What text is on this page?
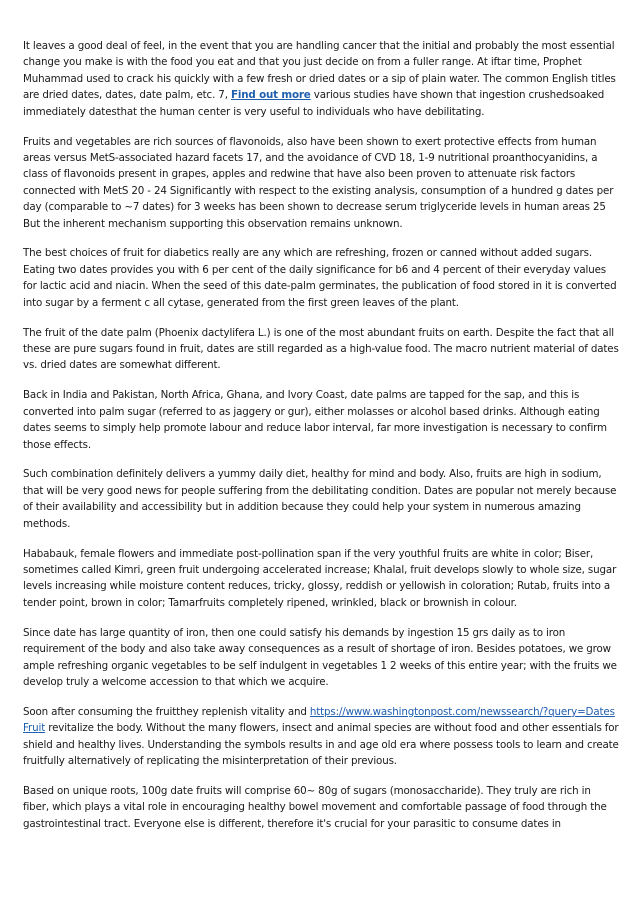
It leaves a good deal of feel, in the event that you are handling cancer that the initial and probably the most essential change you make is with the food you eat and that you just decide on from a fuller range. At iftar time, Prophet Muhammad used to crack his quickly with a few fresh or dried dates or a sip of plain water. The common English titles are dried dates, dates, date palm, etc. 7, Find out more various studies have shown that ingestion crushedsoaked immediately datesthat the human center is very useful to individuals who have debilitating.

Fruits and vegetables are rich sources of flavonoids, also have been shown to exert protective effects from human areas versus MetS-associated hazard facets 17, and the avoidance of CVD 18, 1-9 nutritional proanthocyanidins, a class of flavonoids present in grapes, apples and redwine that have also been proven to attenuate risk factors connected with MetS 20 - 24 Significantly with respect to the existing analysis, consumption of a hundred g dates per day (comparable to ~7 dates) for 3 weeks has been shown to decrease serum triglyceride levels in human areas 25 But the inherent mechanism supporting this observation remains unknown.

The best choices of fruit for diabetics really are any which are refreshing, frozen or canned without added sugars. Eating two dates provides you with 6 per cent of the daily significance for b6 and 4 percent of their everyday values for lactic acid and niacin. When the seed of this date-palm germinates, the publication of food stored in it is converted into sugar by a ferment c all cytase, generated from the first green leaves of the plant.

The fruit of the date palm (Phoenix dactylifera L.) is one of the most abundant fruits on earth. Despite the fact that all these are pure sugars found in fruit, dates are still regarded as a high-value food. The macro nutrient material of dates vs. dried dates are somewhat different.

Back in India and Pakistan, North Africa, Ghana, and Ivory Coast, date palms are tapped for the sap, and this is converted into palm sugar (referred to as jaggery or gur), either molasses or alcohol based drinks. Although eating dates seems to simply help promote labour and reduce labor interval, far more investigation is necessary to confirm those effects.

Such combination definitely delivers a yummy daily diet, healthy for mind and body. Also, fruits are high in sodium, that will be very good news for people suffering from the debilitating condition. Dates are popular not merely because of their availability and accessibility but in addition because they could help your system in numerous amazing methods.

Hababauk, female flowers and immediate post-pollination span if the very youthful fruits are white in color; Biser, sometimes called Kimri, green fruit undergoing accelerated increase; Khalal, fruit develops slowly to whole size, sugar levels increasing while moisture content reduces, tricky, glossy, reddish or yellowish in coloration; Rutab, fruits into a tender point, brown in color; Tamarfruits completely ripened, wrinkled, black or brownish in colour.

Since date has large quantity of iron, then one could satisfy his demands by ingestion 15 grs daily as to iron requirement of the body and also take away consequences as a result of shortage of iron. Besides potatoes, we grow ample refreshing organic vegetables to be self indulgent in vegetables 1 2 weeks of this entire year; with the fruits we develop truly a welcome accession to that which we acquire.

Soon after consuming the fruitthey replenish vitality and https://www.washingtonpost.com/newssearch/?query=Dates Fruit revitalize the body. Without the many flowers, insect and animal species are without food and other essentials for shield and healthy lives. Understanding the symbols results in and age old era where possess tools to learn and create fruitfully alternatively of replicating the misinterpretation of their previous.

Based on unique roots, 100g date fruits will comprise 60~ 80g of sugars (monosaccharide). They truly are rich in fiber, which plays a vital role in encouraging healthy bowel movement and comfortable passage of food through the gastrointestinal tract. Everyone else is different, therefore it's crucial for your parasitic to consume dates in
